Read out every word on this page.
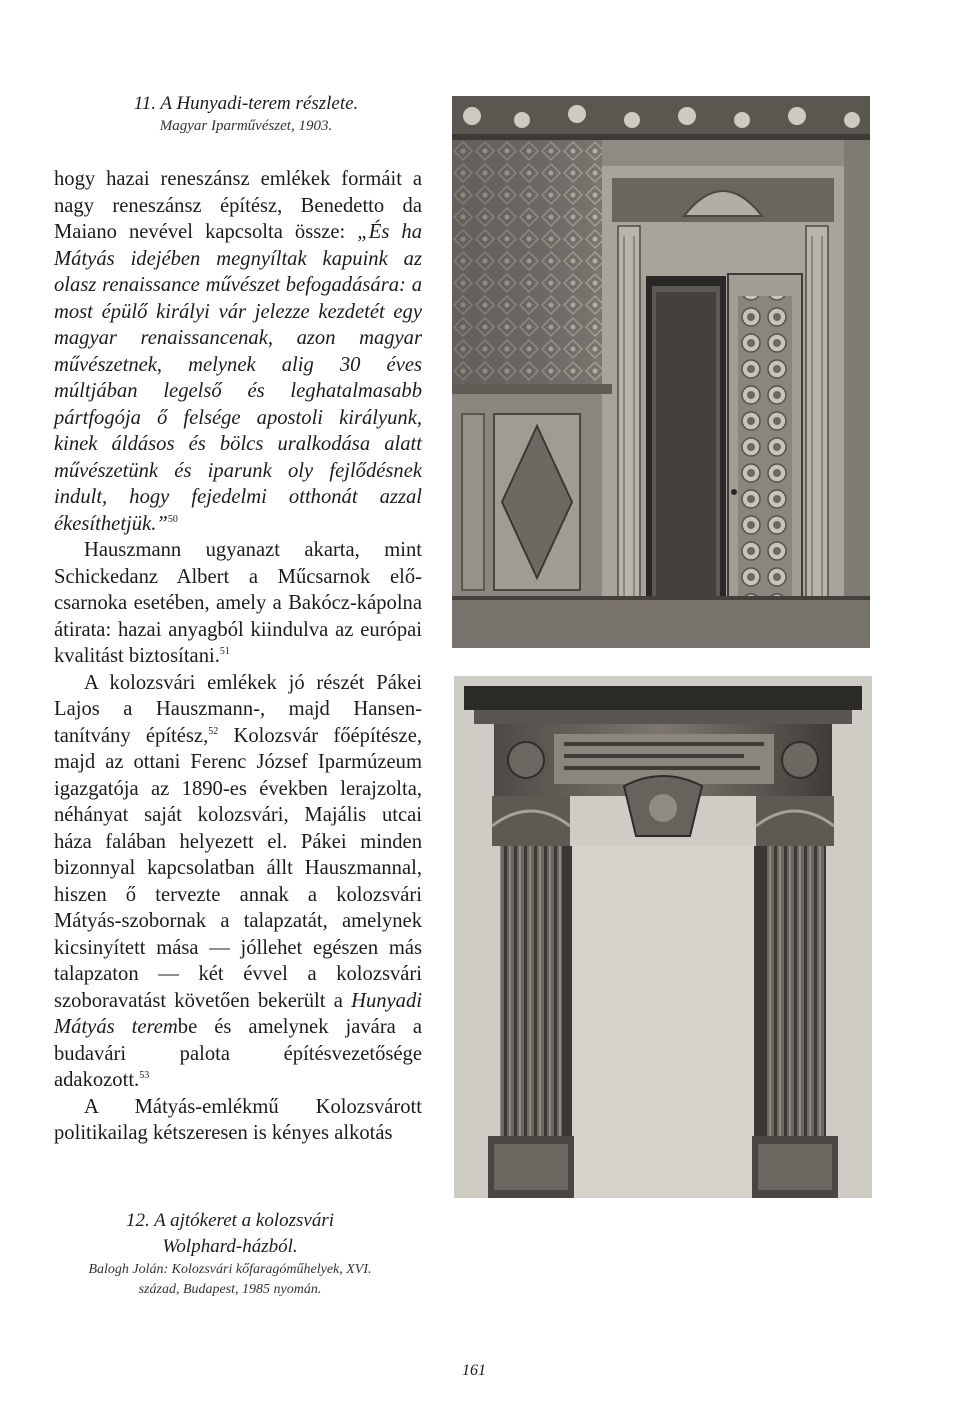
11. A Hunyadi-terem részlete.
Magyar Iparművészet, 1903.

hogy hazai reneszánsz emlékek formáit a nagy reneszánsz építész, Benedetto da Maiano nevével kapcsolta össze: „És ha Mátyás idejében megnyíltak kapuink az olasz renaissance művészet befogadására: a most épülő királyi vár jelezze kezdetét egy magyar renaissancenak, azon magyar művészetnek, melynek alig 30 éves múltjában legelső és leghatalmasabb pártfogója ő felsége apostoli királyunk, kinek áldásos és bölcs uralkodása alatt művészetünk és iparunk oly fejlődésnek indult, hogy fejedelmi otthonát azzal ékesíthetjük.”$^{50}$

Hauszmann ugyanazt akarta, mint Schickedanz Albert a Műcsarnok előcsarnoka esetében, amely a Bakócz-kápolna átirata: hazai anyagból kiindulva az európai kvalitást biztosítani.$^{51}$

A kolozsvári emlékek jó részét Pákei Lajos a Hauszmann-, majd Hansen-tanítvány építész,$^{52}$ Kolozsvár főépítésze, majd az ottani Ferenc József Iparmúzeum igazgatója az 1890-es években lerajzolta, néhányat saját kolozsvári, Majális utcai háza falában helyezett el. Pákei minden bizonnyal kapcsolatban állt Hauszmannal, hiszen ő tervezte annak a kolozsvári Mátyás-szobornak a talapzatát, amelynek kicsinyített mása — jóllehet egészen más talapzaton — két évvel a kolozsvári szoboravatást követően bekerült a Hunyadi Mátyás terembe és amelynek javára a budavári palota építésvezetősége adakozott.$^{53}$

A Mátyás-emlékmű Kolozsvárott politikailag kétszeresen is kényes alkotás

12. A ajtókeret a kolozsvári
Wolphard-házból.
Balogh Jolán: Kolozsvári kőfaragóműhelyek, XVI.
század, Budapest, 1985 nyomán.
161
